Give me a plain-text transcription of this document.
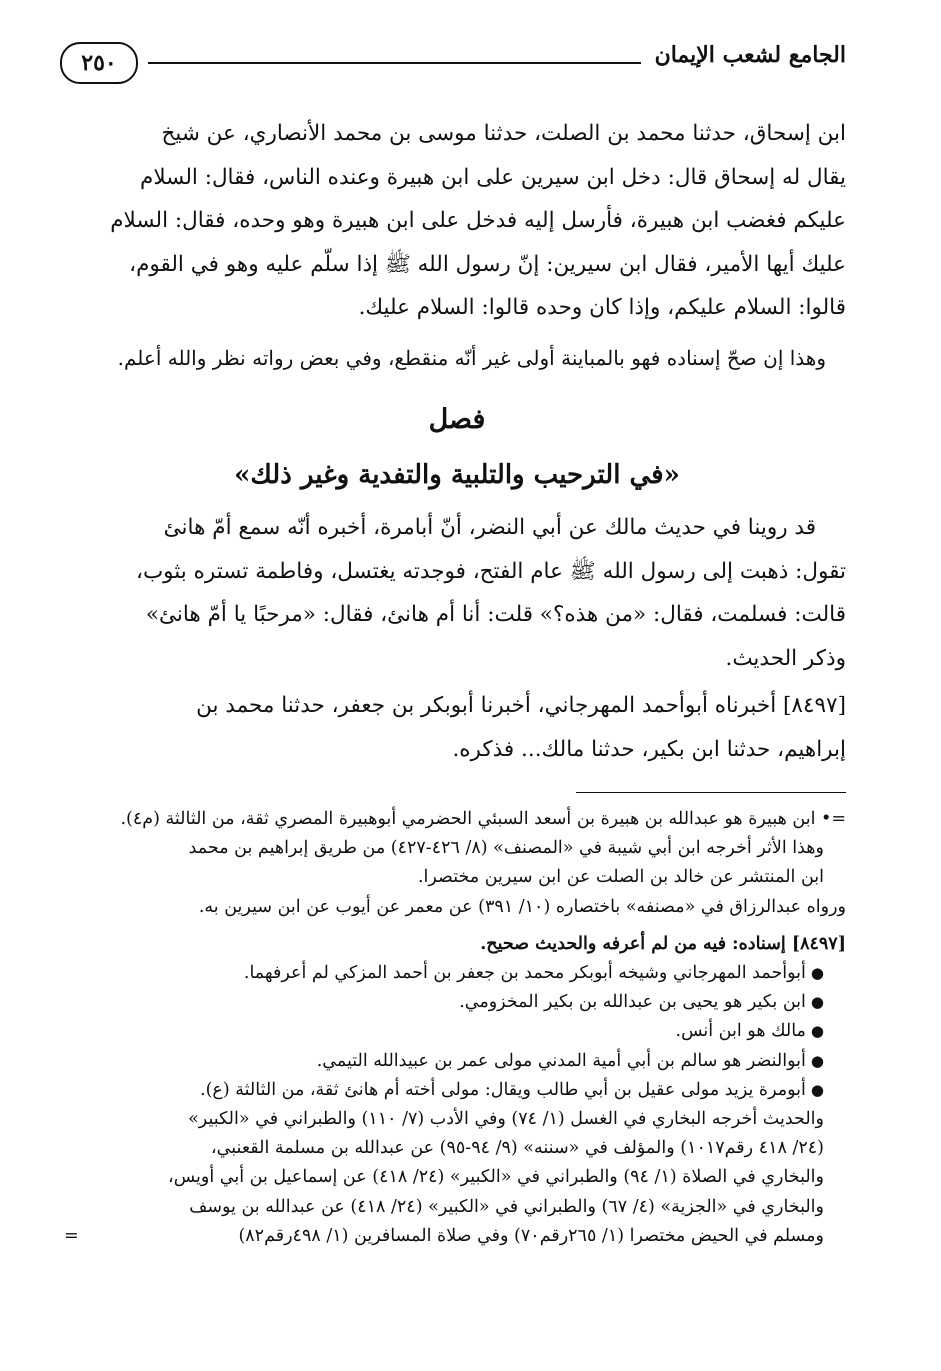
الجامع لشعب الإيمان
٢٥٠

ابن إسحاق، حدثنا محمد بن الصلت، حدثنا موسى بن محمد الأنصاري، عن شيخ

يقال له إسحاق قال: دخل ابن سيرين على ابن هبيرة وعنده الناس، فقال: السلام

عليكم فغضب ابن هبيرة، فأرسل إليه فدخل على ابن هبيرة وهو وحده، فقال: السلام

عليك أيها الأمير، فقال ابن سيرين: إنّ رسول الله ﷺ إذا سلّم عليه وهو في القوم،

قالوا: السلام عليكم، وإذا كان وحده قالوا: السلام عليك.

وهذا إن صحّ إسناده فهو بالمباينة أولى غير أنّه منقطع، وفي بعض رواته نظر والله أعلم.
فصل
«في الترحيب والتلبية والتفدية وغير ذلك»

قد روينا في حديث مالك عن أبي النضر، أنّ أبامرة، أخبره أنّه سمع أمّ هانئ

تقول: ذهبت إلى رسول الله ﷺ عام الفتح، فوجدته يغتسل، وفاطمة تستره بثوب،

قالت: فسلمت، فقال: «من هذه؟» قلت: أنا أم هانئ، فقال: «مرحبًا يا أمّ هانئ»

وذكر الحديث.

[٨٤٩٧] أخبرناه أبوأحمد المهرجاني، أخبرنا أبوبكر بن جعفر، حدثنا محمد بن

إبراهيم، حدثنا ابن بكير، حدثنا مالك... فذكره.

=• ابن هبيرة هو عبدالله بن هبيرة بن أسعد السبئي الحضرمي أبوهبيرة المصري ثقة، من الثالثة (م٤).

وهذا الأثر أخرجه ابن أبي شيبة في «المصنف» (٨/ ٤٢٦-٤٢٧) من طريق إبراهيم بن محمد

ابن المنتشر عن خالد بن الصلت عن ابن سيرين مختصرا.

ورواه عبدالرزاق في «مصنفه» باختصاره (١٠/ ٣٩١) عن معمر عن أيوب عن ابن سيرين به.

[٨٤٩٧] إسناده: فيه من لم أعرفه والحديث صحيح.

●أبوأحمد المهرجاني وشيخه أبوبكر محمد بن جعفر بن أحمد المزكي لم أعرفهما.

●ابن بكير هو يحيى بن عبدالله بن بكير المخزومي.

●مالك هو ابن أنس.

●أبوالنضر هو سالم بن أبي أمية المدني مولى عمر بن عبيدالله التيمي.

●أبومرة يزيد مولى عقيل بن أبي طالب ويقال: مولى أخته أم هانئ ثقة، من الثالثة (ع).

والحديث أخرجه البخاري في الغسل (١/ ٧٤) وفي الأدب (٧/ ١١٠) والطبراني في «الكبير»

(٢٤/ ٤١٨ رقم١٠١٧) والمؤلف في «سننه» (٩/ ٩٤-٩٥) عن عبدالله بن مسلمة القعنبي،

والبخاري في الصلاة (١/ ٩٤) والطبراني في «الكبير» (٢٤/ ٤١٨) عن إسماعيل بن أبي أويس،

والبخاري في «الجزية» (٤/ ٦٧) والطبراني في «الكبير» (٢٤/ ٤١٨) عن عبدالله بن يوسف

ومسلم في الحيض مختصرا (١/ ٢٦٥رقم٧٠) وفي صلاة المسافرين (١/ ٤٩٨رقم٨٢)
=
